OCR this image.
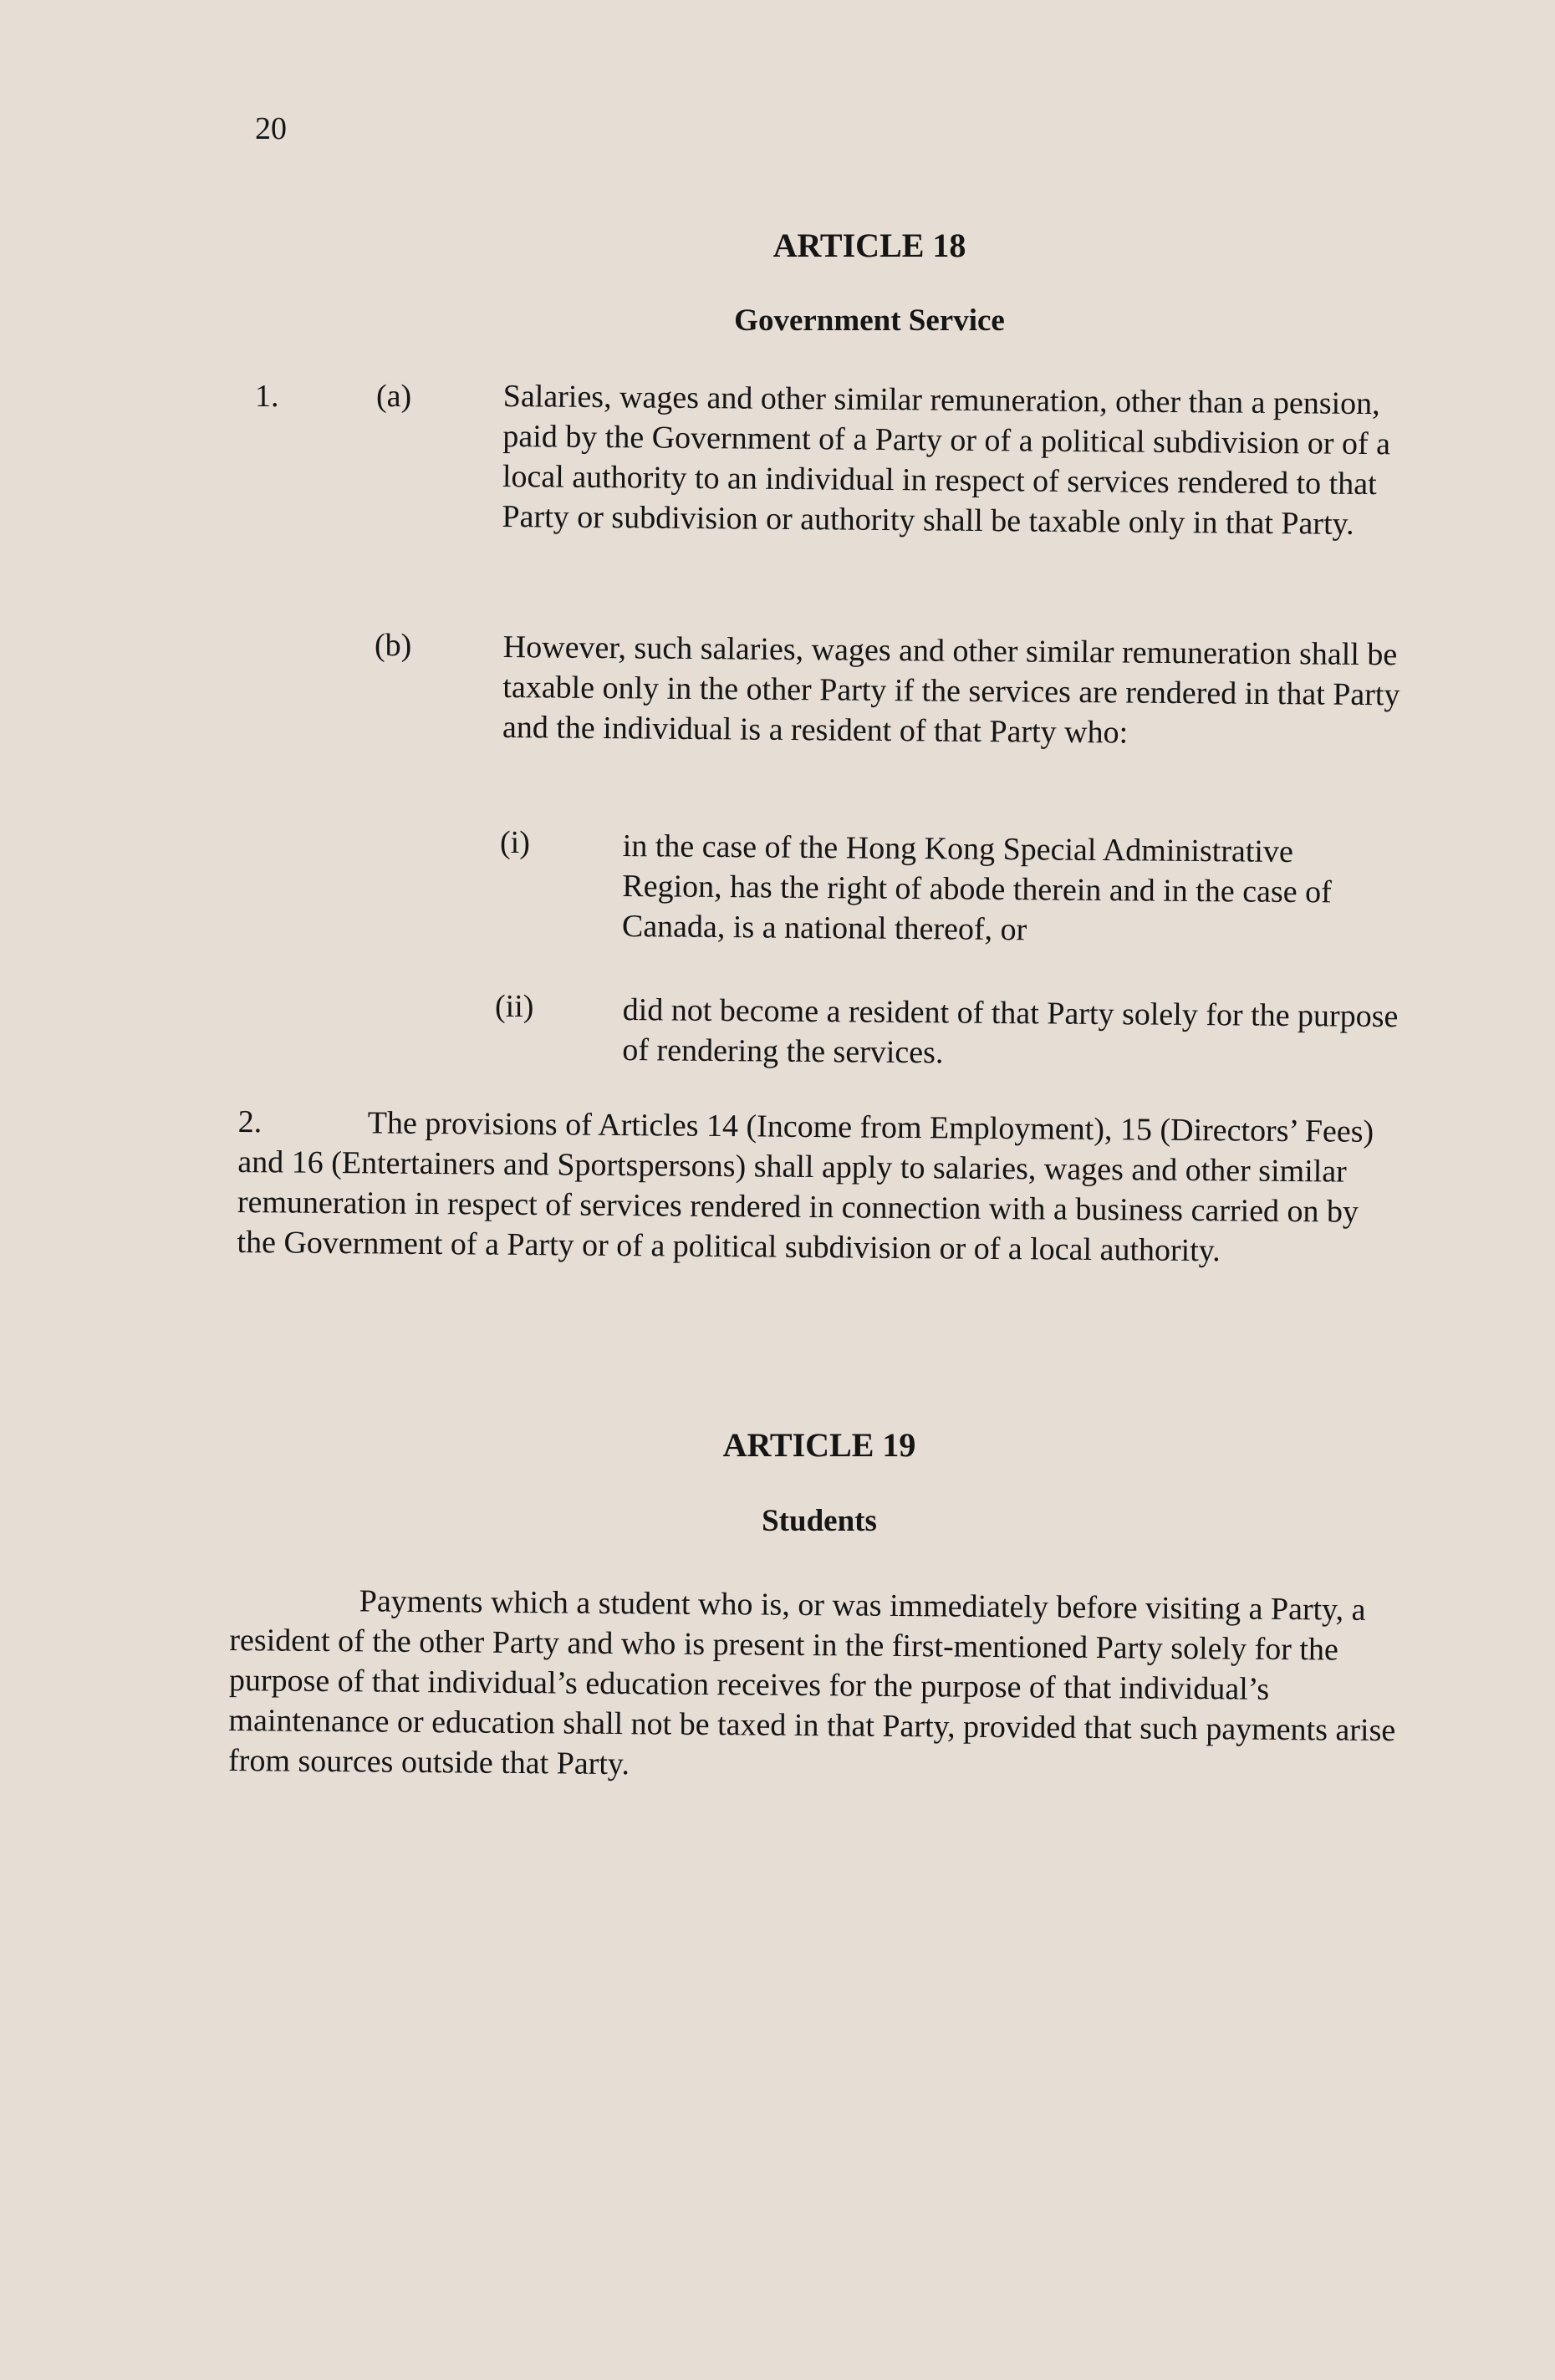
20
ARTICLE 18
Government Service
1.	(a)	Salaries, wages and other similar remuneration, other than a pension, paid by the Government of a Party or of a political subdivision or of a local authority to an individual in respect of services rendered to that Party or subdivision or authority shall be taxable only in that Party.
(b)	However, such salaries, wages and other similar remuneration shall be taxable only in the other Party if the services are rendered in that Party and the individual is a resident of that Party who:
(i)	in the case of the Hong Kong Special Administrative Region, has the right of abode therein and in the case of Canada, is a national thereof, or
(ii)	did not become a resident of that Party solely for the purpose of rendering the services.
2.	The provisions of Articles 14 (Income from Employment), 15 (Directors’ Fees) and 16 (Entertainers and Sportspersons) shall apply to salaries, wages and other similar remuneration in respect of services rendered in connection with a business carried on by the Government of a Party or of a political subdivision or of a local authority.
ARTICLE 19
Students
Payments which a student who is, or was immediately before visiting a Party, a resident of the other Party and who is present in the first-mentioned Party solely for the purpose of that individual’s education receives for the purpose of that individual’s maintenance or education shall not be taxed in that Party, provided that such payments arise from sources outside that Party.
